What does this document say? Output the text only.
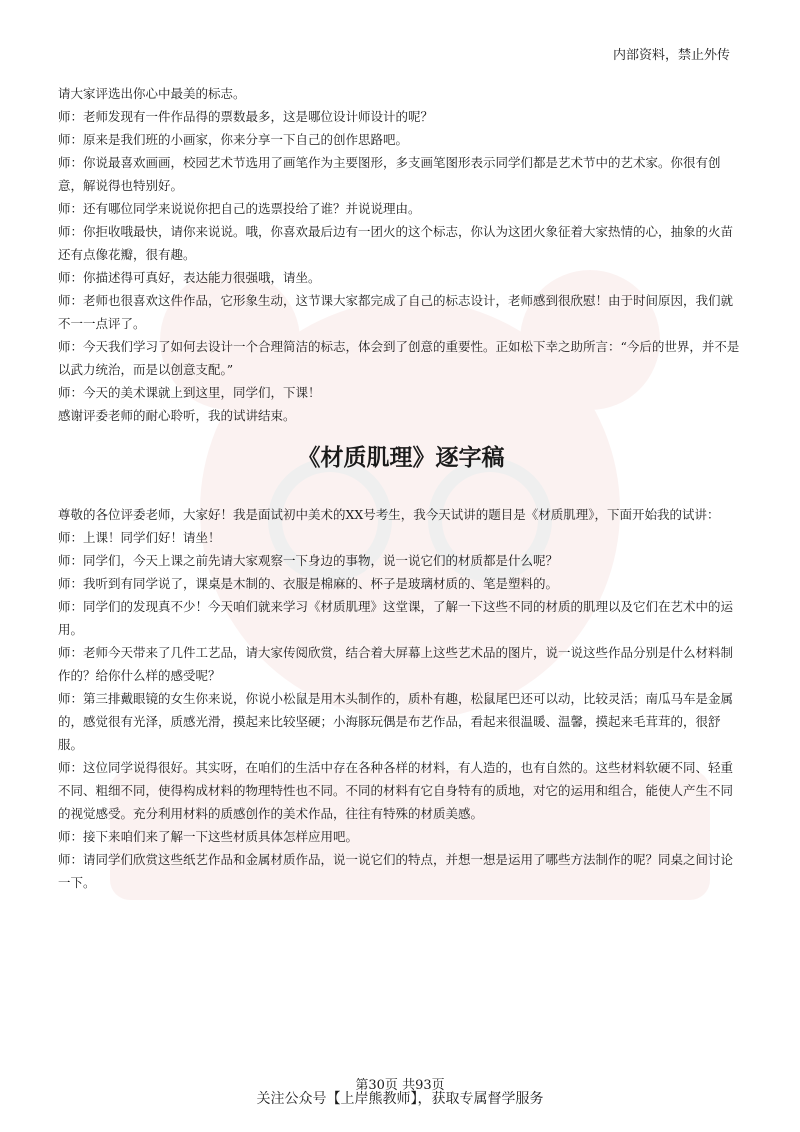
内部资料，禁止外传

请大家评选出你心中最美的标志。

师：老师发现有一件作品得的票数最多，这是哪位设计师设计的呢？

师：原来是我们班的小画家，你来分享一下自己的创作思路吧。

师：你说最喜欢画画，校园艺术节选用了画笔作为主要图形，多支画笔图形表示同学们都是艺术节中的艺术家。你很有创意，解说得也特别好。

师：还有哪位同学来说说你把自己的选票投给了谁？并说说理由。

师：你拒收哦最快，请你来说说。哦，你喜欢最后边有一团火的这个标志，你认为这团火象征着大家热情的心，抽象的火苗还有点像花瓣，很有趣。

师：你描述得可真好，表达能力很强哦，请坐。

师：老师也很喜欢这件作品，它形象生动，这节课大家都完成了自己的标志设计，老师感到很欣慰！由于时间原因，我们就不一一点评了。

师：今天我们学习了如何去设计一个合理简洁的标志，体会到了创意的重要性。正如松下幸之助所言：“今后的世界，并不是以武力统治，而是以创意支配。”

师：今天的美术课就上到这里，同学们，下课！

感谢评委老师的耐心聆听，我的试讲结束。

《材质肌理》逐字稿

尊敬的各位评委老师，大家好！我是面试初中美术的XX号考生，我今天试讲的题目是《材质肌理》，下面开始我的试讲：

师：上课！同学们好！请坐！

师：同学们，今天上课之前先请大家观察一下身边的事物，说一说它们的材质都是什么呢？

师：我听到有同学说了，课桌是木制的、衣服是棉麻的、杯子是玻璃材质的、笔是塑料的。

师：同学们的发现真不少！今天咱们就来学习《材质肌理》这堂课，了解一下这些不同的材质的肌理以及它们在艺术中的运用。

师：老师今天带来了几件工艺品，请大家传阅欣赏，结合着大屏幕上这些艺术品的图片，说一说这些作品分别是什么材料制作的？给你什么样的感受呢？

师：第三排戴眼镜的女生你来说，你说小松鼠是用木头制作的，质朴有趣，松鼠尾巴还可以动，比较灵活；南瓜马车是金属的，感觉很有光泽，质感光滑，摸起来比较坚硬；小海豚玩偶是布艺作品，看起来很温暖、温馨，摸起来毛茸茸的，很舒服。

师：这位同学说得很好。其实呀，在咱们的生活中存在各种各样的材料，有人造的，也有自然的。这些材料软硬不同、轻重不同、粗细不同，使得构成材料的物理特性也不同。不同的材料有它自身特有的质地，对它的运用和组合，能使人产生不同的视觉感受。充分利用材料的质感创作的美术作品，往往有特殊的材质美感。

师：接下来咱们来了解一下这些材质具体怎样应用吧。

师：请同学们欣赏这些纸艺作品和金属材质作品，说一说它们的特点，并想一想是运用了哪些方法制作的呢？同桌之间讨论一下。

第30页 共93页
关注公众号【上岸熊教师】，获取专属督学服务
